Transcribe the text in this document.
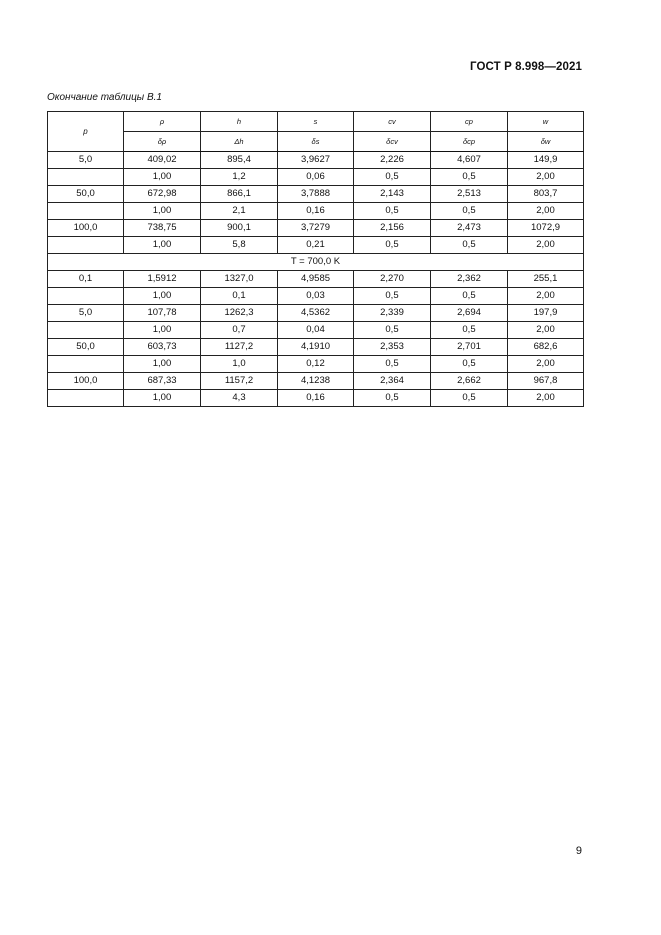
ГОСТ Р 8.998—2021
Окончание таблицы В.1
p	ρ	h	s	cv	cp	w
	δρ	Δh	δs	δcv	δcp	δw
5,0	409,02	895,4	3,9627	2,226	4,607	149,9
	1,00	1,2	0,06	0,5	0,5	2,00
50,0	672,98	866,1	3,7888	2,143	2,513	803,7
	1,00	2,1	0,16	0,5	0,5	2,00
100,0	738,75	900,1	3,7279	2,156	2,473	1072,9
	1,00	5,8	0,21	0,5	0,5	2,00
T = 700,0 K						
0,1	1,5912	1327,0	4,9585	2,270	2,362	255,1
	1,00	0,1	0,03	0,5	0,5	2,00
5,0	107,78	1262,3	4,5362	2,339	2,694	197,9
	1,00	0,7	0,04	0,5	0,5	2,00
50,0	603,73	1127,2	4,1910	2,353	2,701	682,6
	1,00	1,0	0,12	0,5	0,5	2,00
100,0	687,33	1157,2	4,1238	2,364	2,662	967,8
	1,00	4,3	0,16	0,5	0,5	2,00
9
